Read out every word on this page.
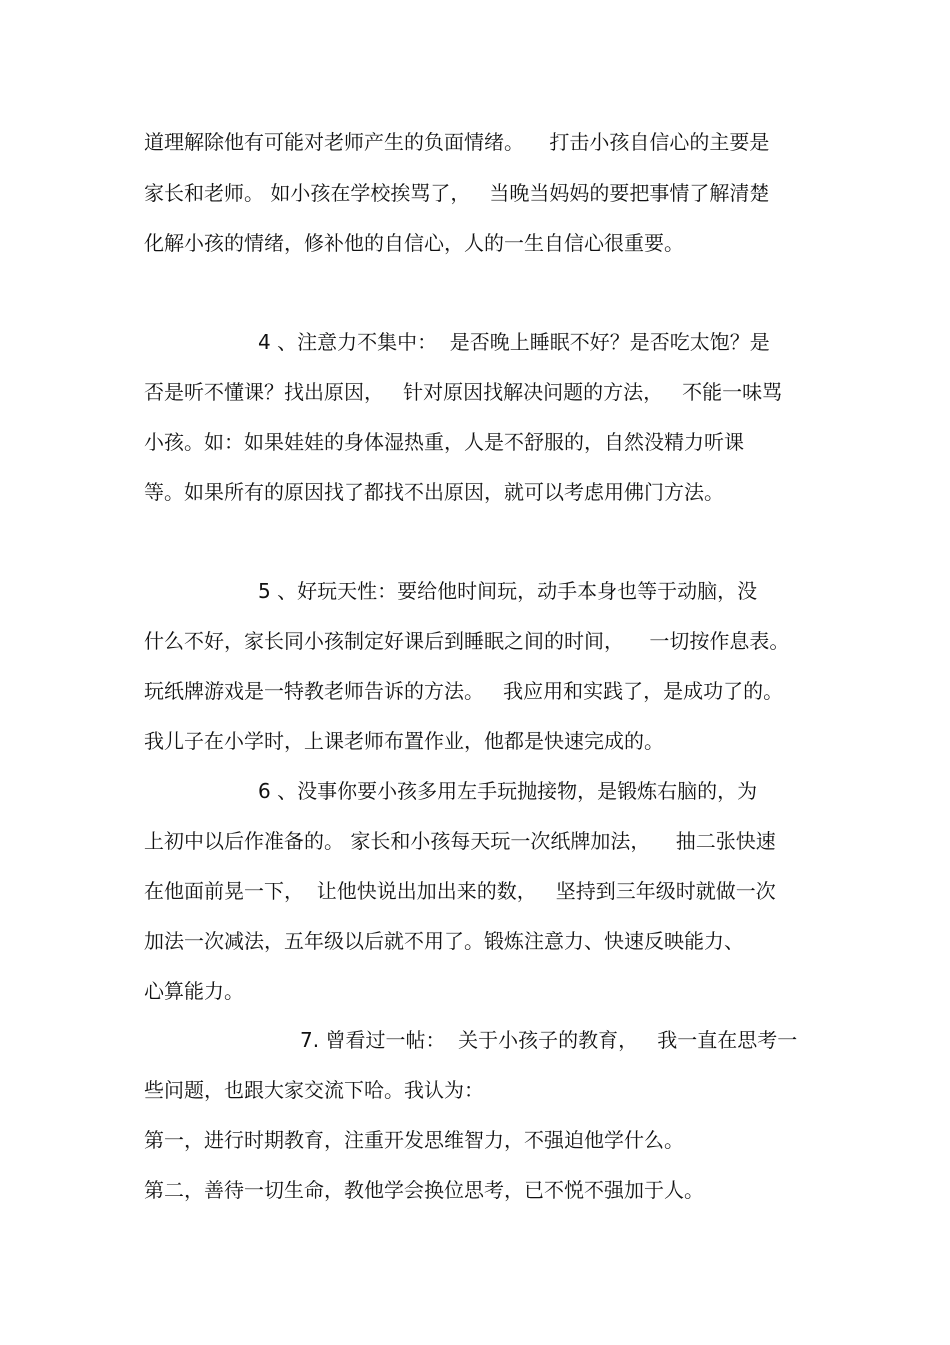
道理解除他有可能对老师产生的负面情绪。    打击小孩自信心的主要是
家长和老师。 如小孩在学校挨骂了，   当晚当妈妈的要把事情了解清楚
化解小孩的情绪，修补他的自信心，人的一生自信心很重要。
4 、注意力不集中：  是否晚上睡眠不好？是否吃太饱？是
否是听不懂课？找出原因，   针对原因找解决问题的方法，   不能一味骂
小孩。如：如果娃娃的身体湿热重，人是不舒服的，自然没精力听课
等。如果所有的原因找了都找不出原因，就可以考虑用佛门方法。
5 、好玩天性：要给他时间玩，动手本身也等于动脑，没
什么不好，家长同小孩制定好课后到睡眠之间的时间，    一切按作息表。
玩纸牌游戏是一特教老师告诉的方法。   我应用和实践了，是成功了的。
我儿子在小学时，上课老师布置作业，他都是快速完成的。
6 、没事你要小孩多用左手玩抛接物，是锻炼右脑的，为
上初中以后作准备的。 家长和小孩每天玩一次纸牌加法，    抽二张快速
在他面前晃一下，  让他快说出加出来的数，   坚持到三年级时就做一次
加法一次减法，五年级以后就不用了。锻炼注意力、快速反映能力、
心算能力。
7. 曾看过一帖：  关于小孩子的教育，   我一直在思考一
些问题，也跟大家交流下哈。我认为：
第一，进行时期教育，注重开发思维智力，不强迫他学什么。
第二，善待一切生命，教他学会换位思考，已不悦不强加于人。
